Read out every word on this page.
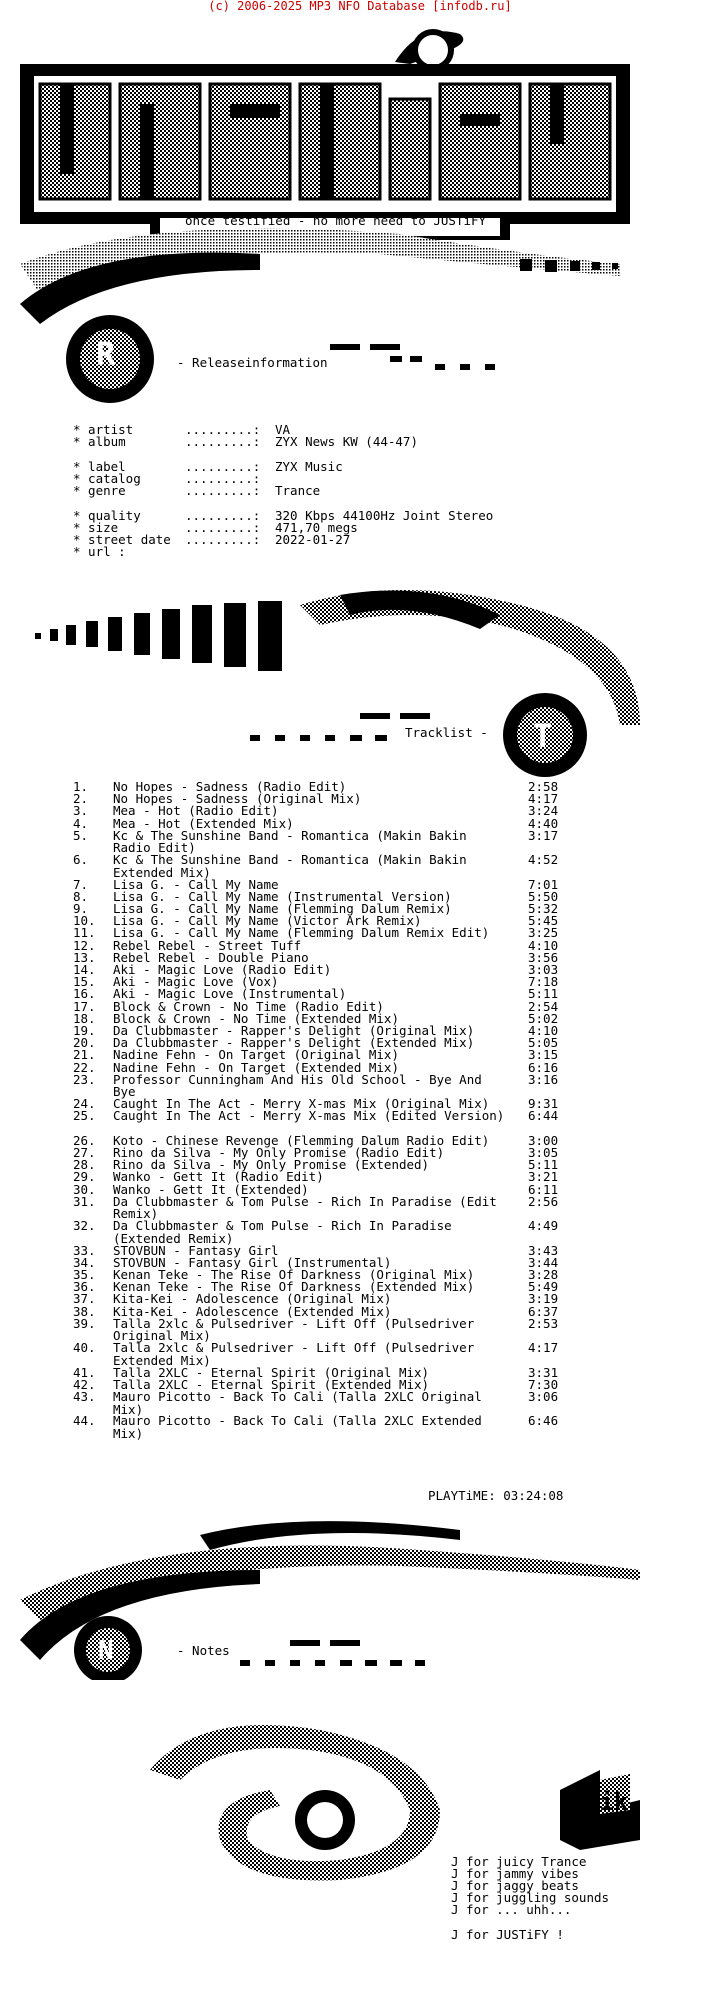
(c) 2006-2025 MP3 NFO Database [infodb.ru]
once testified - no more need to JUSTiFY
R	- Releaseinformation
* artist	.........: VA
* album	.........: ZYX News KW (44-47)
* label	.........: ZYX Music
* catalog	.........:
* genre	.........: Trance
* quality	.........: 320 Kbps 44100Hz Joint Stereo
* size	.........: 471,70 megs
* street date .........: 2022-01-27
* url :
T
Tracklist -
1.	No Hopes - Sadness (Radio Edit)	2:58
2.	No Hopes - Sadness (Original Mix)	4:17
3.	Mea - Hot (Radio Edit)	3:24
4.	Mea - Hot (Extended Mix)	4:40
5.	Kc & The Sunshine Band - Romantica (Makin Bakin Radio Edit)
3:17
6.	Kc & The Sunshine Band - Romantica (Makin Bakin Extended Mix)
4:52
7.	Lisa G. - Call My Name	7:01
8.	Lisa G. - Call My Name (Instrumental Version)	5:50
9.	Lisa G. - Call My Name (Flemming Dalum Remix)	5:32
10.	Lisa G. - Call My Name (Victor Ark Remix)	5:45
11.	Lisa G. - Call My Name (Flemming Dalum Remix Edit)	3:25
12.	Rebel Rebel - Street Tuff	4:10
13.	Rebel Rebel - Double Piano	3:56
14.	Aki - Magic Love (Radio Edit)	3:03
15.	Aki - Magic Love (Vox)	7:18
16.	Aki - Magic Love (Instrumental)	5:11
17.	Block & Crown - No Time (Radio Edit)	2:54
18.	Block & Crown - No Time (Extended Mix)	5:02
19.	Da Clubbmaster - Rapper's Delight (Original Mix)	4:10
20.	Da Clubbmaster - Rapper's Delight (Extended Mix)	5:05
21.	Nadine Fehn - On Target (Original Mix)	3:15
22.	Nadine Fehn - On Target (Extended Mix)	6:16
23.	Professor Cunningham And His Old School - Bye And Bye
3:16
24.	Caught In The Act - Merry X-mas Mix (Original Mix)	9:31
25.	Caught In The Act - Merry X-mas Mix (Edited Version) 6:44
26.	Koto - Chinese Revenge (Flemming Dalum Radio Edit)	3:00
27.	Rino da Silva - My Only Promise (Radio Edit)	3:05
28.	Rino da Silva - My Only Promise (Extended)	5:11
29.	Wanko - Gett It (Radio Edit)	3:21
30.	Wanko - Gett It (Extended)	6:11
31.	Da Clubbmaster & Tom Pulse - Rich In Paradise (Edit Remix)
2:56
32.	Da Clubbmaster & Tom Pulse - Rich In Paradise (Extended Remix)
4:49
33.	STOVBUN - Fantasy Girl	3:43
34.	STOVBUN - Fantasy Girl (Instrumental)	3:44
35.	Kenan Teke - The Rise Of Darkness (Original Mix)	3:28
36.	Kenan Teke - The Rise Of Darkness (Extended Mix)	5:49
37.	Kita-Kei - Adolescence (Original Mix)	3:19
38.	Kita-Kei - Adolescence (Extended Mix)	6:37
39.	Talla 2xlc & Pulsedriver - Lift Off (Pulsedriver Original Mix)
2:53
40.	Talla 2xlc & Pulsedriver - Lift Off (Pulsedriver Extended Mix)
4:17
41.	Talla 2XLC - Eternal Spirit (Original Mix)	3:31
42.	Talla 2XLC - Eternal Spirit (Extended Mix)	7:30
43.	Mauro Picotto - Back To Cali (Talla 2XLC Original Mix)
3:06
44.	Mauro Picotto - Back To Cali (Talla 2XLC Extended Mix)
6:46
PLAYTiME: 03:24:08
N	- Notes
Yik
*2o14
J for juicy Trance
J for jammy vibes
J for jaggy beats
J for juggling sounds
J for ... uhh...
J for JUSTiFY !
